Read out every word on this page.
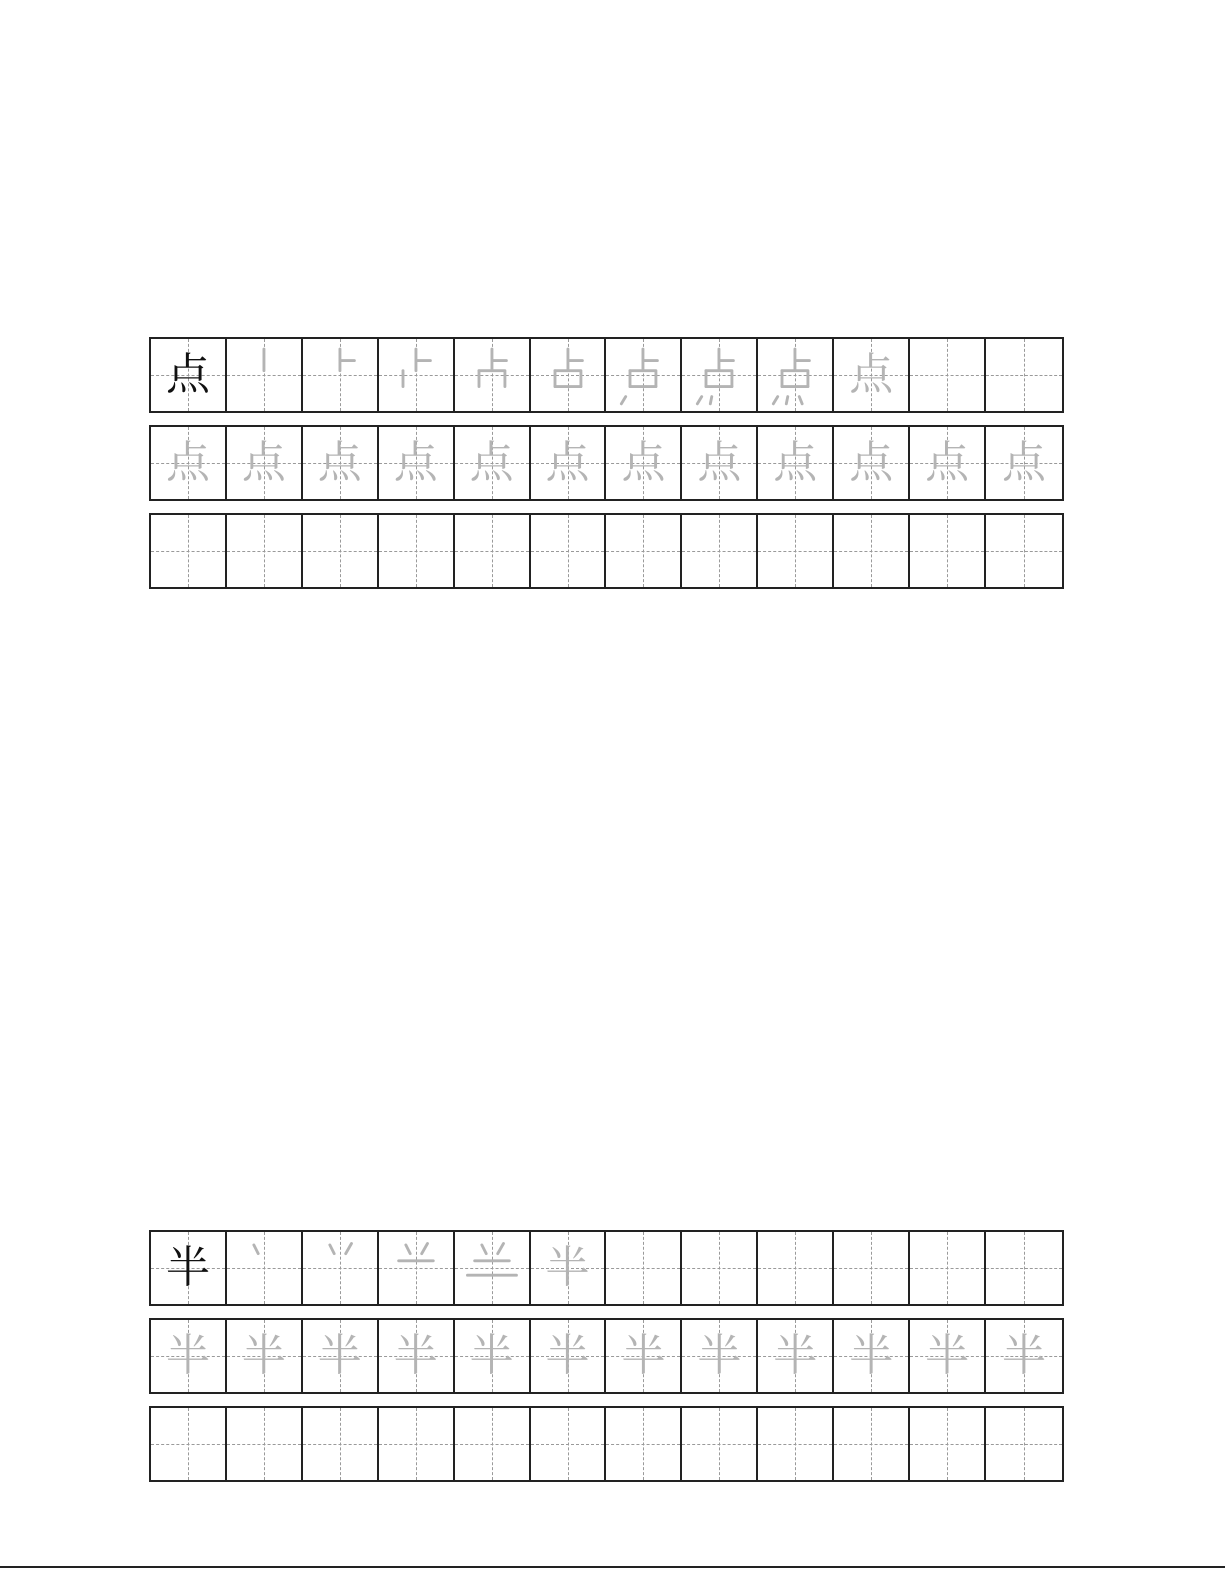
点	点
点 点 点 点 点 点 点 点 点 点 点 点
半	半
半 半 半 半 半 半 半 半 半 半 半 半
